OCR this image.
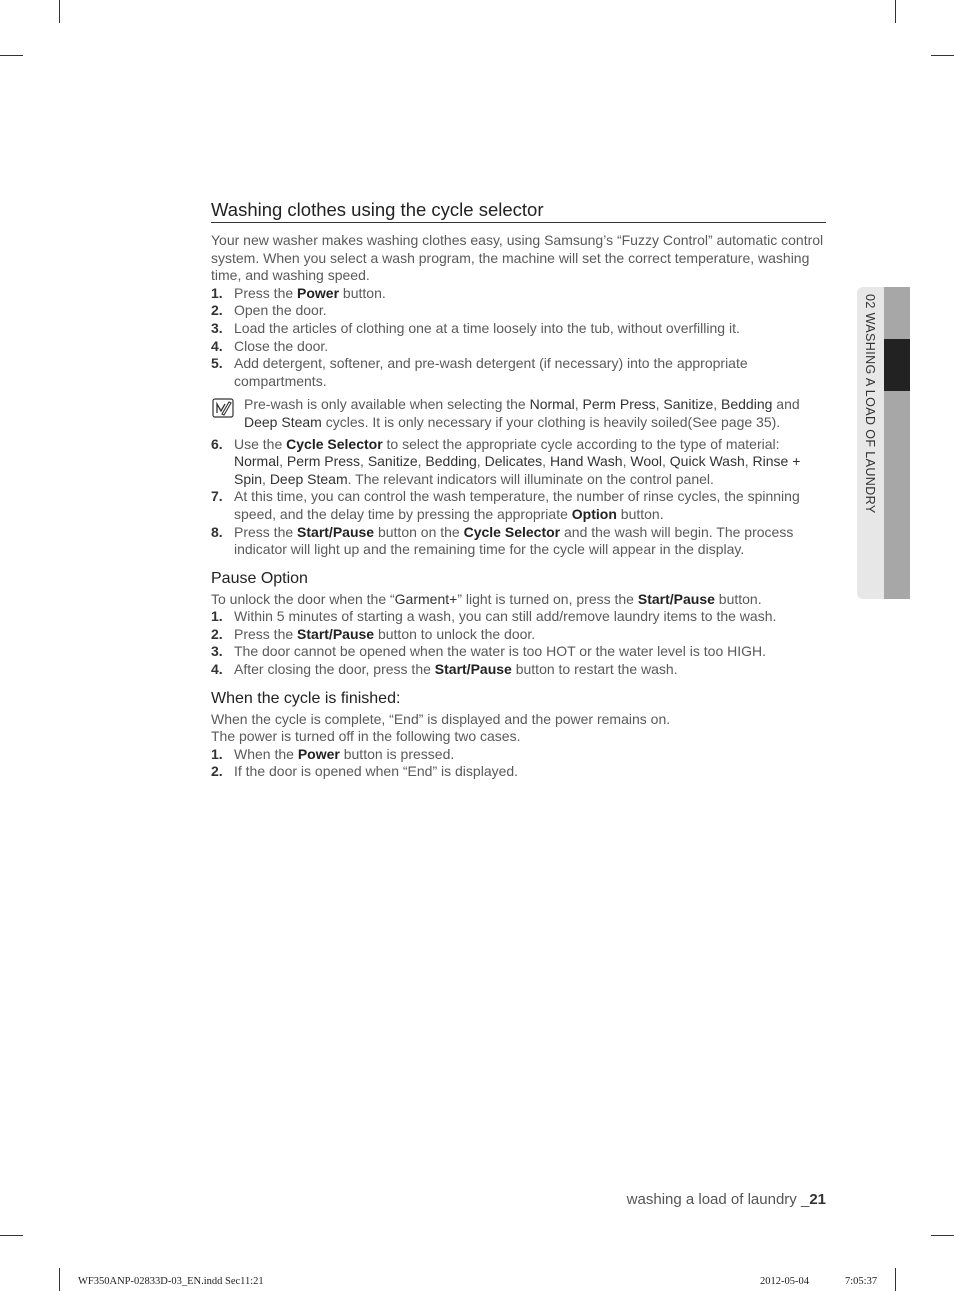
Washing clothes using the cycle selector

Your new washer makes washing clothes easy, using Samsung’s “Fuzzy Control” automatic control system. When you select a wash program, the machine will set the correct temperature, washing time, and washing speed.

1. Press the Power button.
2. Open the door.
3. Load the articles of clothing one at a time loosely into the tub, without overfilling it.
4. Close the door.
5. Add detergent, softener, and pre-wash detergent (if necessary) into the appropriate compartments.
Pre-wash is only available when selecting the Normal, Perm Press, Sanitize, Bedding and Deep Steam cycles. It is only necessary if your clothing is heavily soiled(See page 35).
6. Use the Cycle Selector to select the appropriate cycle according to the type of material: Normal, Perm Press, Sanitize, Bedding, Delicates, Hand Wash, Wool, Quick Wash, Rinse + Spin, Deep Steam. The relevant indicators will illuminate on the control panel.
7. At this time, you can control the wash temperature, the number of rinse cycles, the spinning speed, and the delay time by pressing the appropriate Option button.
8. Press the Start/Pause button on the Cycle Selector and the wash will begin. The process indicator will light up and the remaining time for the cycle will appear in the display.
Pause Option

To unlock the door when the “Garment+” light is turned on, press the Start/Pause button.

1. Within 5 minutes of starting a wash, you can still add/remove laundry items to the wash.
2. Press the Start/Pause button to unlock the door.
3. The door cannot be opened when the water is too HOT or the water level is too HIGH.
4. After closing the door, press the Start/Pause button to restart the wash.
When the cycle is finished:

When the cycle is complete, “End” is displayed and the power remains on.

The power is turned off in the following two cases.

1. When the Power button is pressed.
2. If the door is opened when “End” is displayed.
02 WASHING A LOAD OF LAUNDRY
washing a load of laundry _21
WF350ANP-02833D-03_EN.indd Sec11:21	2012-05-04	7:05:37
